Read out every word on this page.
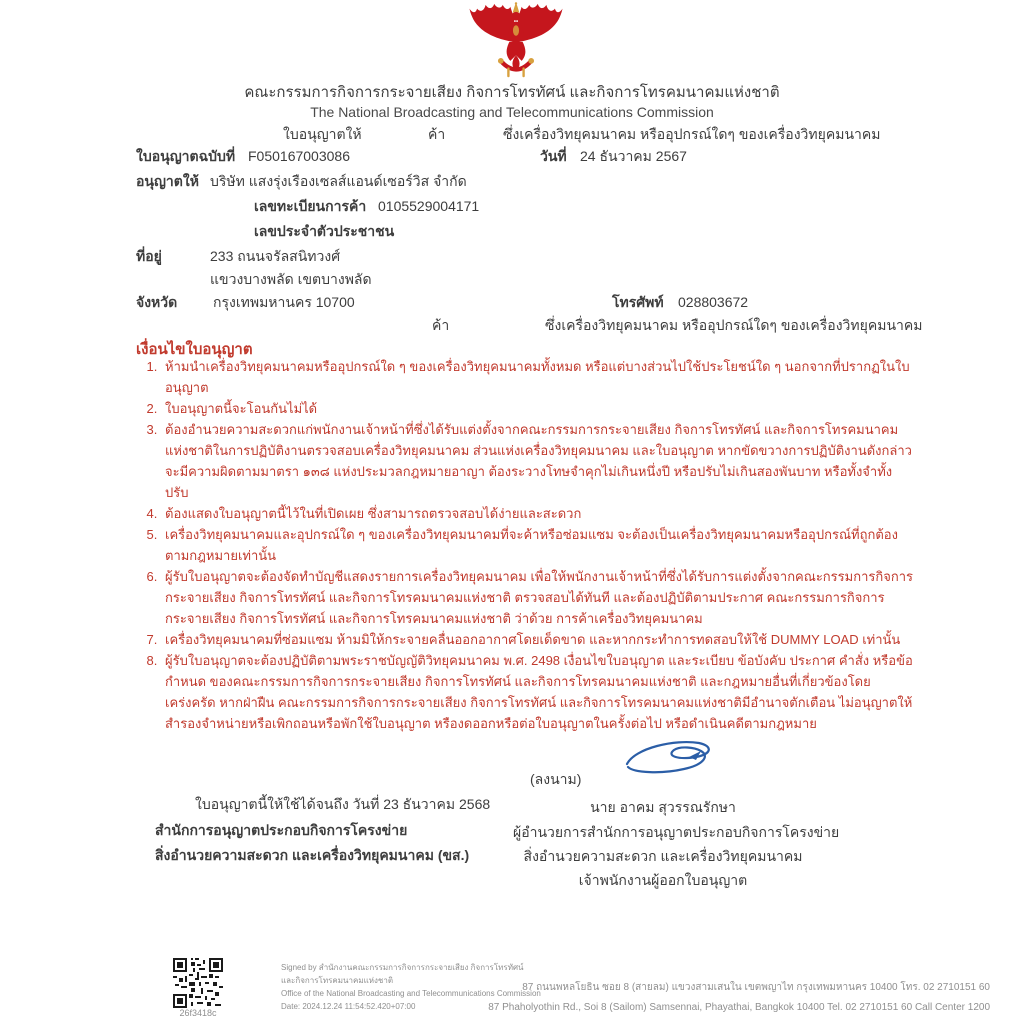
คณะกรรมการกิจการกระจายเสียง กิจการโทรทัศน์ และกิจการโทรคมนาคมแห่งชาติ
The National Broadcasting and Telecommunications Commission
ใบอนุญาตให้	ค้า	ซึ่งเครื่องวิทยุคมนาคม หรืออุปกรณ์ใดๆ ของเครื่องวิทยุคมนาคม
ใบอนุญาตฉบับที่ F050167003086	วันที่ 24 ธันวาคม 2567
อนุญาตให้ บริษัท แสงรุ่งเรืองเซลส์แอนด์เซอร์วิส จำกัด
เลขทะเบียนการค้า 0105529004171
เลขประจำตัวประชาชน
ที่อยู่	233 ถนนจรัลสนิทวงศ์
แขวงบางพลัด เขตบางพลัด
จังหวัด	กรุงเทพมหานคร 10700	โทรศัพท์ 028803672
ค้า	ซึ่งเครื่องวิทยุคมนาคม หรืออุปกรณ์ใดๆ ของเครื่องวิทยุคมนาคม
เงื่อนไขใบอนุญาต
1. ห้ามนำเครื่องวิทยุคมนาคมหรืออุปกรณ์ใด ๆ ของเครื่องวิทยุคมนาคมทั้งหมด หรือแต่บางส่วนไปใช้ประโยชน์ใด ๆ นอกจากที่ปรากฏในใบอนุญาต
2. ใบอนุญาตนี้จะโอนกันไม่ได้
3. ต้องอำนวยความสะดวกแก่พนักงานเจ้าหน้าที่ซึ่งได้รับแต่งตั้งจากคณะกรรมการกระจายเสียง กิจการโทรทัศน์ และกิจการโทรคมนาคมแห่งชาติในการปฏิบัติงานตรวจสอบเครื่องวิทยุคมนาคม ส่วนแห่งเครื่องวิทยุคมนาคม และใบอนุญาต หากขัดขวางการปฏิบัติงานดังกล่าวจะมีความผิดตามมาตรา ๑๓๘ แห่งประมวลกฎหมายอาญา ต้องระวางโทษจำคุกไม่เกินหนึ่งปี หรือปรับไม่เกินสองพันบาท หรือทั้งจำทั้งปรับ
4. ต้องแสดงใบอนุญาตนี้ไว้ในที่เปิดเผย ซึ่งสามารถตรวจสอบได้ง่ายและสะดวก
5. เครื่องวิทยุคมนาคมและอุปกรณ์ใด ๆ ของเครื่องวิทยุคมนาคมที่จะค้าหรือซ่อมแซม จะต้องเป็นเครื่องวิทยุคมนาคมหรืออุปกรณ์ที่ถูกต้องตามกฎหมายเท่านั้น
6. ผู้รับใบอนุญาตจะต้องจัดทำบัญชีแสดงรายการเครื่องวิทยุคมนาคม เพื่อให้พนักงานเจ้าหน้าที่ซึ่งได้รับการแต่งตั้งจากคณะกรรมการกิจการกระจายเสียง กิจการโทรทัศน์ และกิจการโทรคมนาคมแห่งชาติ ตรวจสอบได้ทันที และต้องปฏิบัติตามประกาศ คณะกรรมการกิจการกระจายเสียง กิจการโทรทัศน์ และกิจการโทรคมนาคมแห่งชาติ ว่าด้วย การค้าเครื่องวิทยุคมนาคม
7. เครื่องวิทยุคมนาคมที่ซ่อมแซม ห้ามมิให้กระจายคลื่นออกอากาศโดยเด็ดขาด และหากกระทำการทดสอบให้ใช้ DUMMY LOAD เท่านั้น
8. ผู้รับใบอนุญาตจะต้องปฏิบัติตามพระราชบัญญัติวิทยุคมนาคม พ.ศ. 2498 เงื่อนไขใบอนุญาต และระเบียบ ข้อบังคับ ประกาศ คำสั่ง หรือข้อกำหนด ของคณะกรรมการกิจการกระจายเสียง กิจการโทรทัศน์ และกิจการโทรคมนาคมแห่งชาติ และกฎหมายอื่นที่เกี่ยวข้องโดยเคร่งครัด หากฝ่าฝืน คณะกรรมการกิจการกระจายเสียง กิจการโทรทัศน์ และกิจการโทรคมนาคมแห่งชาติมีอำนาจตักเตือน ไม่อนุญาตให้สำรองจำหน่ายหรือเพิกถอนหรือพักใช้ใบอนุญาต หรืองดออกหรือต่อใบอนุญาตในครั้งต่อไป หรือดำเนินคดีตามกฎหมาย
(ลงนาม)
นาย อาคม สุวรรณรักษา
ผู้อำนวยการสำนักการอนุญาตประกอบกิจการโครงข่าย
สิ่งอำนวยความสะดวก และเครื่องวิทยุคมนาคม
เจ้าพนักงานผู้ออกใบอนุญาต
ใบอนุญาตนี้ให้ใช้ได้จนถึง วันที่ 23 ธันวาคม 2568
สำนักการอนุญาตประกอบกิจการโครงข่าย
สิ่งอำนวยความสะดวก และเครื่องวิทยุคมนาคม (ขส.)
26f3418c
Signed by สำนักงานคณะกรรมการกิจการกระจายเสียง กิจการโทรทัศน์
และกิจการโทรคมนาคมแห่งชาติ
Office of the National Broadcasting and Telecommunications Commission
Date: 2024.12.24 11:54:52.420+07:00
87 ถนนพหลโยธิน ซอย 8 (สายลม) แขวงสามเสนใน เขตพญาไท กรุงเทพมหานคร 10400 โทร. 02 2710151 60
87 Phaholyothin Rd., Soi 8 (Sailom) Samsennai, Phayathai, Bangkok 10400 Tel. 02 2710151 60 Call Center 1200
